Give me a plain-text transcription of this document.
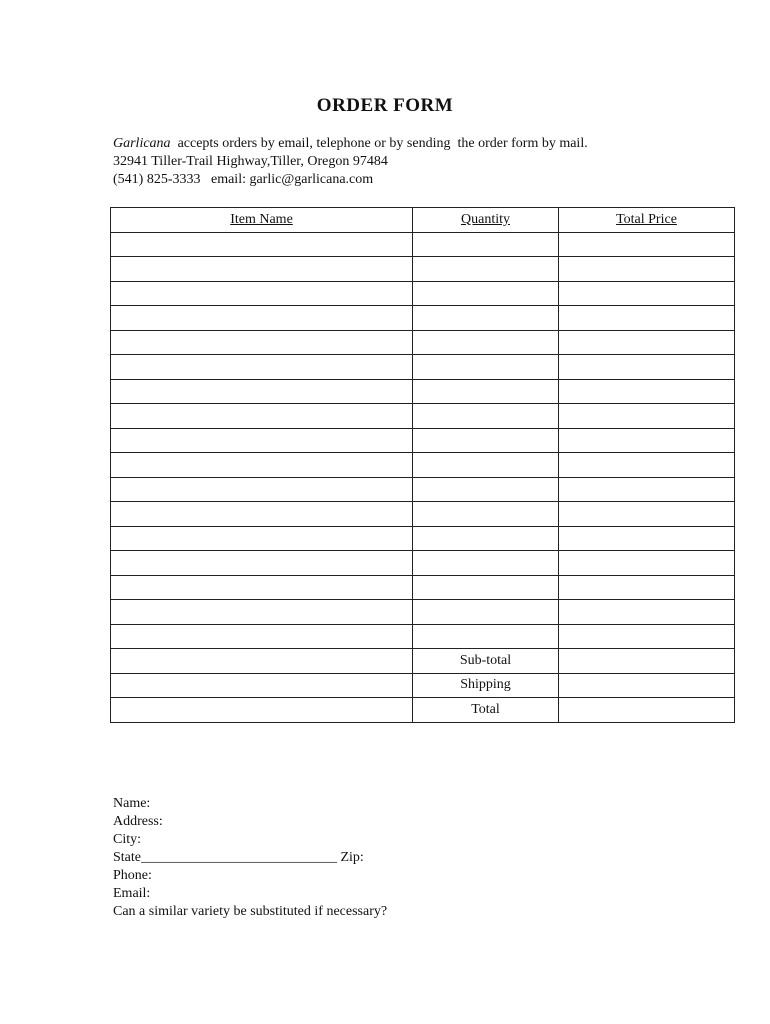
ORDER FORM
Garlicana  accepts orders by email, telephone or by sending  the order form by mail.
32941 Tiller-Trail Highway,Tiller, Oregon 97484
(541) 825-3333   email: garlic@garlicana.com
Item Name	Quantity	Total Price

	Sub-total	
	Shipping	
	Total	
Name:
Address:
City:
State____________________________ Zip:
Phone:
Email:
Can a similar variety be substituted if necessary?
